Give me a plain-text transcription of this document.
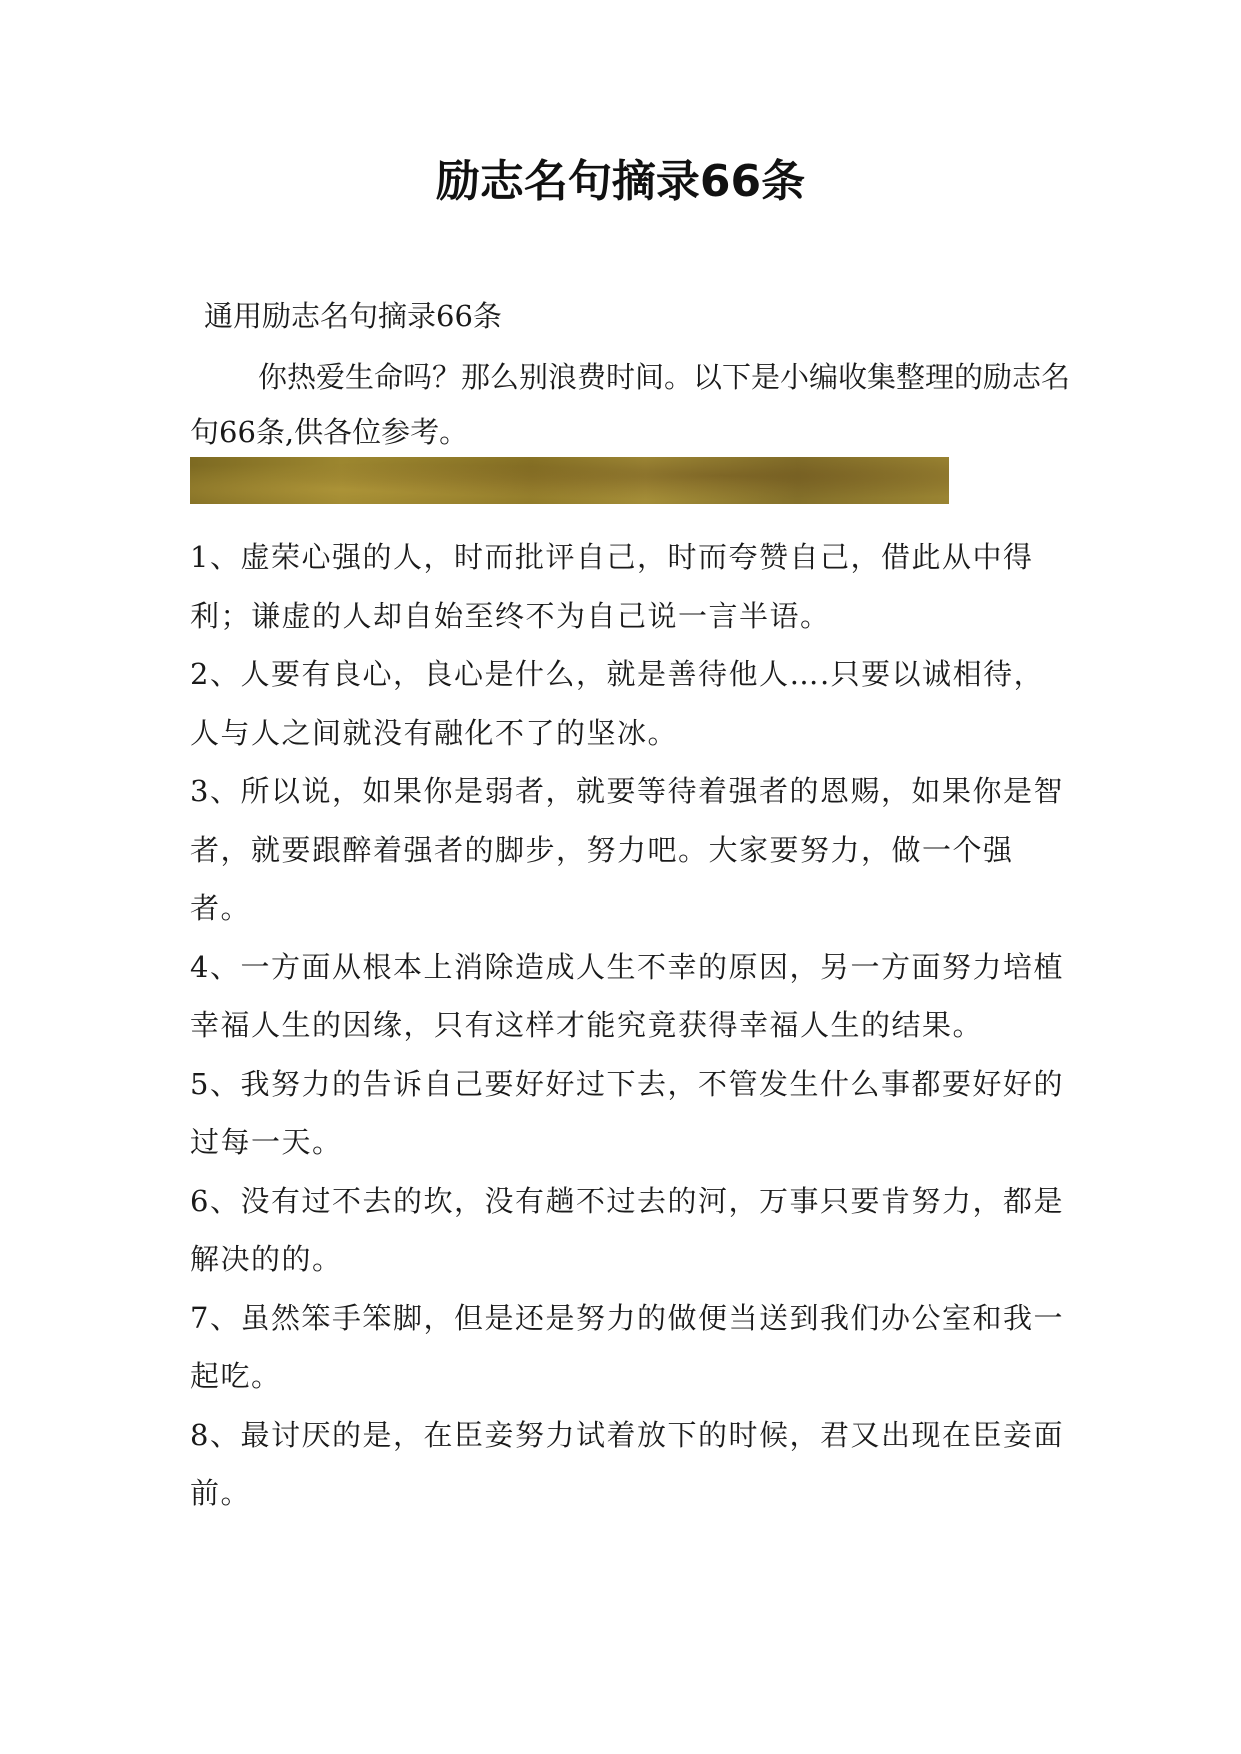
励志名句摘录66条

通用励志名句摘录66条

你热爱生命吗？那么别浪费时间。以下是小编收集整理的励志名句66条,供各位参考。

1、虚荣心强的人，时而批评自己，时而夸赞自己，借此从中得利；谦虚的人却自始至终不为自己说一言半语。
2、人要有良心，良心是什么，就是善待他人….只要以诚相待，人与人之间就没有融化不了的坚冰。
3、所以说，如果你是弱者，就要等待着强者的恩赐，如果你是智者，就要跟醉着强者的脚步，努力吧。大家要努力，做一个强者。
4、一方面从根本上消除造成人生不幸的原因，另一方面努力培植幸福人生的因缘，只有这样才能究竟获得幸福人生的结果。
5、我努力的告诉自己要好好过下去，不管发生什么事都要好好的过每一天。
6、没有过不去的坎，没有趟不过去的河，万事只要肯努力，都是解决的的。
7、虽然笨手笨脚，但是还是努力的做便当送到我们办公室和我一起吃。
8、最讨厌的是，在臣妾努力试着放下的时候，君又出现在臣妾面前。
